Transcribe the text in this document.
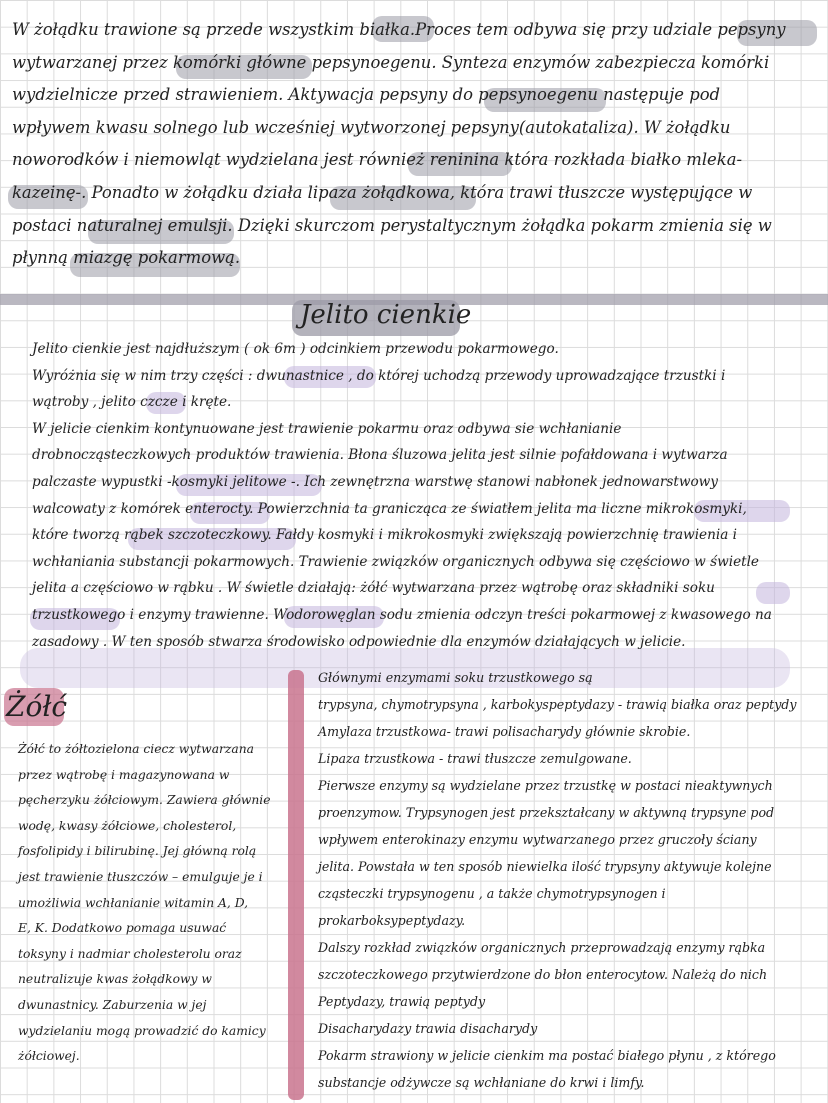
W żołądku trawione są przede wszystkim białka.Proces tem odbywa się przy udziale pepsyny

wytwarzanej przez komórki główne pepsynoegenu. Synteza enzymów zabezpiecza komórki

wydzielnicze przed strawieniem. Aktywacja pepsyny do pepsynoegenu następuje pod

wpływem kwasu solnego lub wcześniej wytworzonej pepsyny(autokataliza). W żołądku

noworodków i niemowląt wydzielana jest również reninina która rozkłada białko mleka-

kazeinę-. Ponadto w żołądku działa lipaza żołądkowa, która trawi tłuszcze występujące w

postaci naturalnej emulsji. Dzięki skurczom perystaltycznym żołądka pokarm zmienia się w

płynną miazgę pokarmową.

Jelito cienkie

Jelito cienkie jest najdłuższym ( ok 6m ) odcinkiem przewodu pokarmowego.

Wyróżnia się w nim trzy części : dwunastnice , do której uchodzą przewody uprowadzające trzustki i

wątroby , jelito czcze i kręte.

W jelicie cienkim kontynuowane jest trawienie pokarmu oraz odbywa sie wchłanianie

drobnocząsteczkowych produktów trawienia. Błona śluzowa jelita jest silnie pofałdowana i wytwarza

palczaste wypustki -kosmyki jelitowe -. Ich zewnętrzna warstwę stanowi nabłonek jednowarstwowy

walcowaty z komórek enterocty. Powierzchnia ta granicząca ze światłem jelita ma liczne mikrokosmyki,

które tworzą rąbek szczoteczkowy. Fałdy kosmyki i mikrokosmyki zwiększają powierzchnię trawienia i

wchłaniania substancji pokarmowych. Trawienie związków organicznych odbywa się częściowo w świetle

jelita a częściowo w rąbku . W świetle działają: żółć wytwarzana przez wątrobę oraz składniki soku

trzustkowego i enzymy trawienne. Wodorowęglan sodu zmienia odczyn treści pokarmowej z kwasowego na

zasadowy . W ten sposób stwarza środowisko odpowiednie dla enzymów działających w jelicie.

Żółć

Żółć to żółtozielona ciecz wytwarzana

przez wątrobę i magazynowana w

pęcherzyku żółciowym. Zawiera głównie

wodę, kwasy żółciowe, cholesterol,

fosfolipidy i bilirubinę. Jej główną rolą

jest trawienie tłuszczów – emulguje je i

umożliwia wchłanianie witamin A, D,

E, K. Dodatkowo pomaga usuwać

toksyny i nadmiar cholesterolu oraz

neutralizuje kwas żołądkowy w

dwunastnicy. Zaburzenia w jej

wydzielaniu mogą prowadzić do kamicy

żółciowej.

Głównymi enzymami soku trzustkowego są

trypsyna, chymotrypsyna , karbokyspeptydazy - trawią białka oraz peptydy

Amylaza trzustkowa- trawi polisacharydy głównie skrobie.

Lipaza trzustkowa - trawi tłuszcze zemulgowane.

Pierwsze enzymy są wydzielane przez trzustkę w postaci nieaktywnych

proenzymow. Trypsynogen jest przekształcany w aktywną trypsyne pod

wpływem enterokinazy enzymu wytwarzanego przez gruczoły ściany

jelita. Powstała w ten sposób niewielka ilość trypsyny aktywuje kolejne

cząsteczki trypsynogenu , a także chymotrypsynogen i

prokarboksypeptydazy.

Dalszy rozkład związków organicznych przeprowadzają enzymy rąbka

szczoteczkowego przytwierdzone do błon enterocytow. Należą do nich

Peptydazy, trawią peptydy

Disacharydazy trawia disacharydy

Pokarm strawiony w jelicie cienkim ma postać białego płynu , z którego

substancje odżywcze są wchłaniane do krwi i limfy.
